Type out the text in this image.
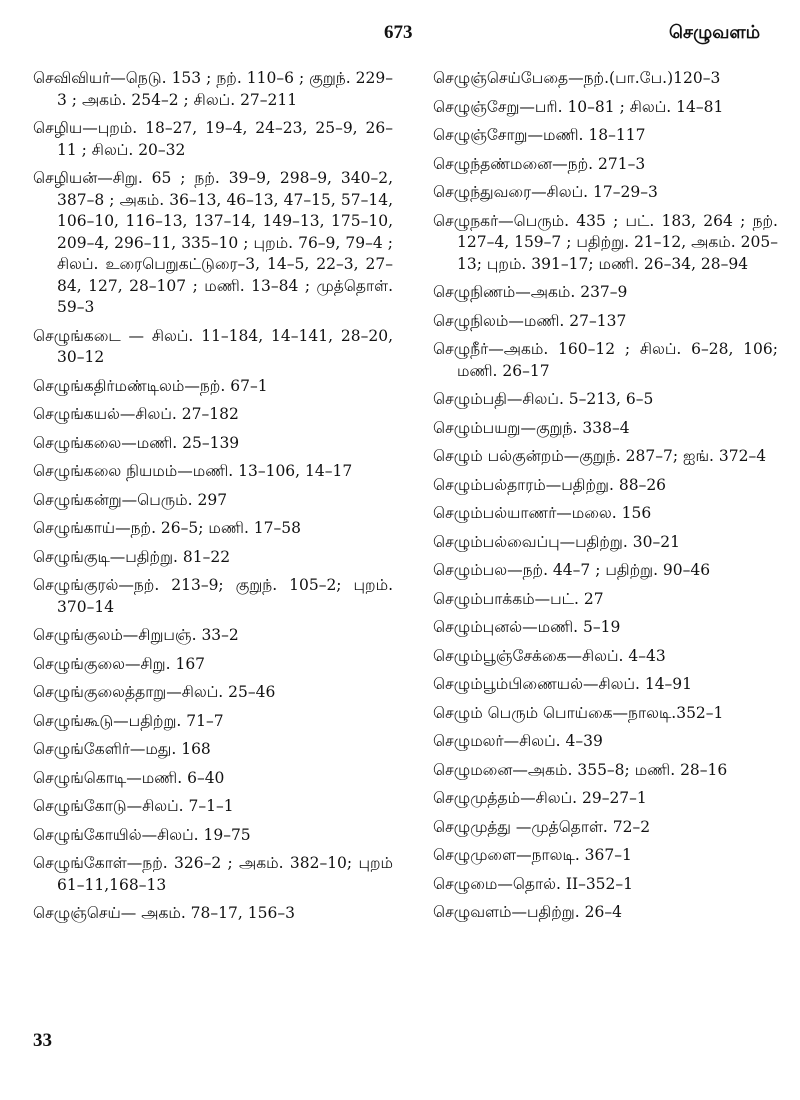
673	செழுவளம்
செவிவியர்—நெடு. 153 ; நற். 110–6 ; குறுந். 229–3 ; அகம். 254–2 ; சிலப். 27–211
செழிய—புறம். 18–27, 19–4, 24–23, 25–9, 26–11 ; சிலப். 20–32
செழியன்—சிறு. 65 ; நற். 39–9, 298–9, 340–2, 387–8 ; அகம். 36–13, 46–13, 47–15, 57–14, 106–10, 116–13, 137–14, 149–13, 175–10, 209–4, 296–11, 335–10 ; புறம். 76–9, 79–4 ; சிலப். உரைபெறுகட்டுரை–3, 14–5, 22–3, 27–84, 127, 28–107 ; மணி. 13–84 ; முத்தொள். 59–3
செழுங்கடை — சிலப். 11–184, 14–141, 28–20, 30–12
செழுங்கதிர்மண்டிலம்—நற். 67–1
செழுங்கயல்—சிலப். 27–182
செழுங்கலை—மணி. 25–139
செழுங்கலை நியமம்—மணி. 13–106, 14–17
செழுங்கன்று—பெரும். 297
செழுங்காய்—நற். 26–5; மணி. 17–58
செழுங்குடி—பதிற்று. 81–22
செழுங்குரல்—நற். 213–9; குறுந். 105–2; புறம். 370–14
செழுங்குலம்—சிறுபஞ். 33–2
செழுங்குலை—சிறு. 167
செழுங்குலைத்தாறு—சிலப். 25–46
செழுங்கூடு—பதிற்று. 71–7
செழுங்கேளிர்—மது. 168
செழுங்கொடி—மணி. 6–40
செழுங்கோடு—சிலப். 7–1–1
செழுங்கோயில்—சிலப். 19–75
செழுங்கோள்—நற். 326–2 ; அகம். 382–10; புறம் 61–11,168–13
செழுஞ்செய்— அகம். 78–17, 156–3
செழுஞ்செய்பேதை—நற்.(பா.பே.)120–3
செழுஞ்சேறு—பரி. 10–81 ; சிலப். 14–81
செழுஞ்சோறு—மணி. 18–117
செழுந்தண்மனை—நற். 271–3
செழுந்துவரை—சிலப். 17–29–3
செழுநகர்—பெரும். 435 ; பட். 183, 264 ; நற். 127–4, 159–7 ; பதிற்று. 21–12, அகம். 205–13; புறம். 391–17; மணி. 26–34, 28–94
செழுநிணம்—அகம். 237–9
செழுநிலம்—மணி. 27–137
செழுநீர்—அகம். 160–12 ; சிலப். 6–28, 106; மணி. 26–17
செழும்பதி—சிலப். 5–213, 6–5
செழும்பயறு—குறுந். 338–4
செழும் பல்குன்றம்—குறுந். 287–7; ஐங். 372–4
செழும்பல்தாரம்—பதிற்று. 88–26
செழும்பல்யாணர்—மலை. 156
செழும்பல்வைப்பு—பதிற்று. 30–21
செழும்பல—நற். 44–7 ; பதிற்று. 90–46
செழும்பாக்கம்—பட். 27
செழும்புனல்—மணி. 5–19
செழும்பூஞ்சேக்கை—சிலப். 4–43
செழும்பூம்பிணையல்—சிலப். 14–91
செழும் பெரும் பொய்கை—நாலடி.352–1
செழுமலர்—சிலப். 4–39
செழுமனை—அகம். 355–8; மணி. 28–16
செழுமுத்தம்—சிலப். 29–27–1
செழுமுத்து —முத்தொள். 72–2
செழுமுளை—நாலடி. 367–1
செழுமை—தொல். II–352–1
செழுவளம்—பதிற்று. 26–4
33
